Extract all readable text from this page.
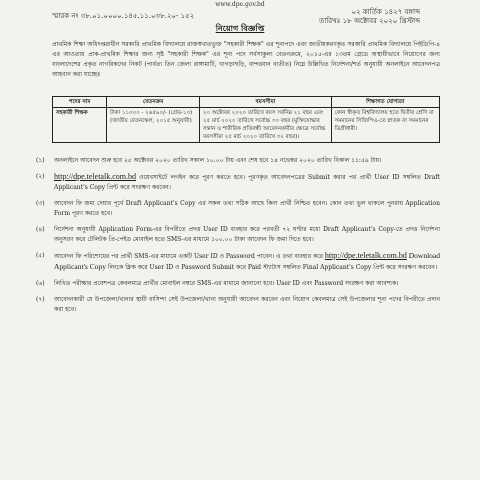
www.dpe.gov.bd
স্মারক নং ৩৮.০১.০০০০.১৪৫.১১.০৩৮.২০- ১৫২	০২ কার্তিক ১৪২৭ বঙ্গাব্দ
তারিখঃ ১৮ অক্টোবর ২০২০ খ্রিস্টাব্দ
নিয়োগ বিজ্ঞপ্তি
প্রাথমিক শিক্ষা অধিদপ্তরাধীন সরকারি প্রাথমিক বিদ্যালয়ে রাজস্বখাতভুক্ত "সহকারী শিক্ষক" এর শূন্যপদে এবং জাতীয়করণকৃত সরকারি প্রাথমিক বিদ্যালয়ে পিইডিপি-৪ এর আওতায় প্রাক-প্রাথমিক শিক্ষার জন্য সৃষ্ট "সহকারী শিক্ষক" এর শূন্য পদে সর্বসাকুল্য বেতনক্রমে, ২০১৫-এর ১৩তম গ্রেডে অস্থায়ীভাবে নিয়োগের জন্য বাংলাদেশের প্রকৃত নাগরিকদের নিকট (পার্বত্য তিন জেলা রাঙ্গামাটি, খাগড়াছড়ি, বান্দরবান ব্যতীত) নিম্নে উল্লিখিত নির্দেশনা/শর্ত অনুযায়ী অনলাইনে আবেদনপত্র আহবান করা যাচ্ছেঃ
পদের নাম	বেতনক্রম	বয়সসীমা	শিক্ষাগত যোগ্যতা
সহকারী শিক্ষক	টাকা ১১০০০ - ২৬৫৯০/- (গ্রেড-১৩) (জাতীয় বেতনস্কেল, ২০১৫ অনুযায়ী)	২০ অক্টোবর ২০২০ তারিখে বয়স সর্বনিম্ন ২১ বছর এবং ২৫ মার্চ ২০২০ তারিখে সর্বোচ্চ ৩০ বছর (মুক্তিযোদ্ধার সন্তান ও শারীরিক প্রতিবন্ধী আবেদনকারীর ক্ষেত্রে সর্বোচ্চ বয়সসীমা ২৫ মার্চ ২০২০ তারিখে ৩২ বছর)।	কোন স্বীকৃত বিশ্ববিদ্যালয় হতে দ্বিতীয় শ্রেণি বা সমমানের সিজিপিএ-তে স্নাতক বা সমমানের ডিগ্রীধারী।
(১)	অনলাইনে আবেদন শুরু হবে ২৫ অক্টোবর ২০২০ তারিখ সকাল ১০.০০ টায় এবং শেষ হবে ১৪ নভেম্বর ২০২০ তারিখ বিকাল ১১:৫৯ টায়।
(২)	http://dpe.teletalk.com.bd ওয়েবসাইটে লগইন করে পূরণ করতে হবে। পূরণকৃত আবেদনপত্রের Submit করার পর প্রার্থী User ID সম্বলিত Draft Applicant's Copy প্রিন্ট করে সংরক্ষণ করবেন।
(৩)	আবেদন ফি জমা দেয়ার পূর্বে Draft Applicant's Copy এর সকল তথ্য সঠিক আছে কিনা প্রার্থী নিশ্চিত হবেন। কোন তথ্য ভুল থাকলে পুনরায় Application Form পূরণ করতে হবে।
(৪)	নির্দেশনা অনুযায়ী Application Form-এর বিপরীতে প্রদত্ত User ID ব্যবহার করে পরবর্তী ৭২ ঘণ্টার মধ্যে Draft Applicant's Copy-তে প্রদত্ত নির্দেশনা অনুসরণ করে টেলিটক প্রি-পেইড মোবাইল হতে SMS-এর মাধ্যমে ১০০.০০ টাকা আবেদন ফি জমা দিতে হবে।
(৫)	আবেদন ফি পরিশোধের পর প্রার্থী SMS-এর মাধ্যমে একটি User ID ও Password পাবেন। এ তথ্য ব্যবহার করে http://dpe.teletalk.com.bd Download Applicant's Copy লিংকে ক্লিক করে User ID ও Password Submit করে Paid স্ট্যাটাস সম্বলিত Final Applicant's Copy প্রিন্ট করে সংরক্ষণ করবেন।
(৬)	লিখিত পরীক্ষার প্রবেশপত্র কেবলমাত্র প্রার্থীর মোবাইল নম্বরে SMS-এর মাধ্যমে জানানো হবে। User ID এবং Password সংরক্ষণ করা আবশ্যক।
(৭)	আবেদনকারী যে উপজেলা/থানার স্থায়ী বাসিন্দা সেই উপজেলা/থানা অনুযায়ী আবেদন করবেন এবং নিয়োগ কেবলমাত্র সেই উপজেলার শূন্য পদের বিপরীতে প্রদান করা হবে।
